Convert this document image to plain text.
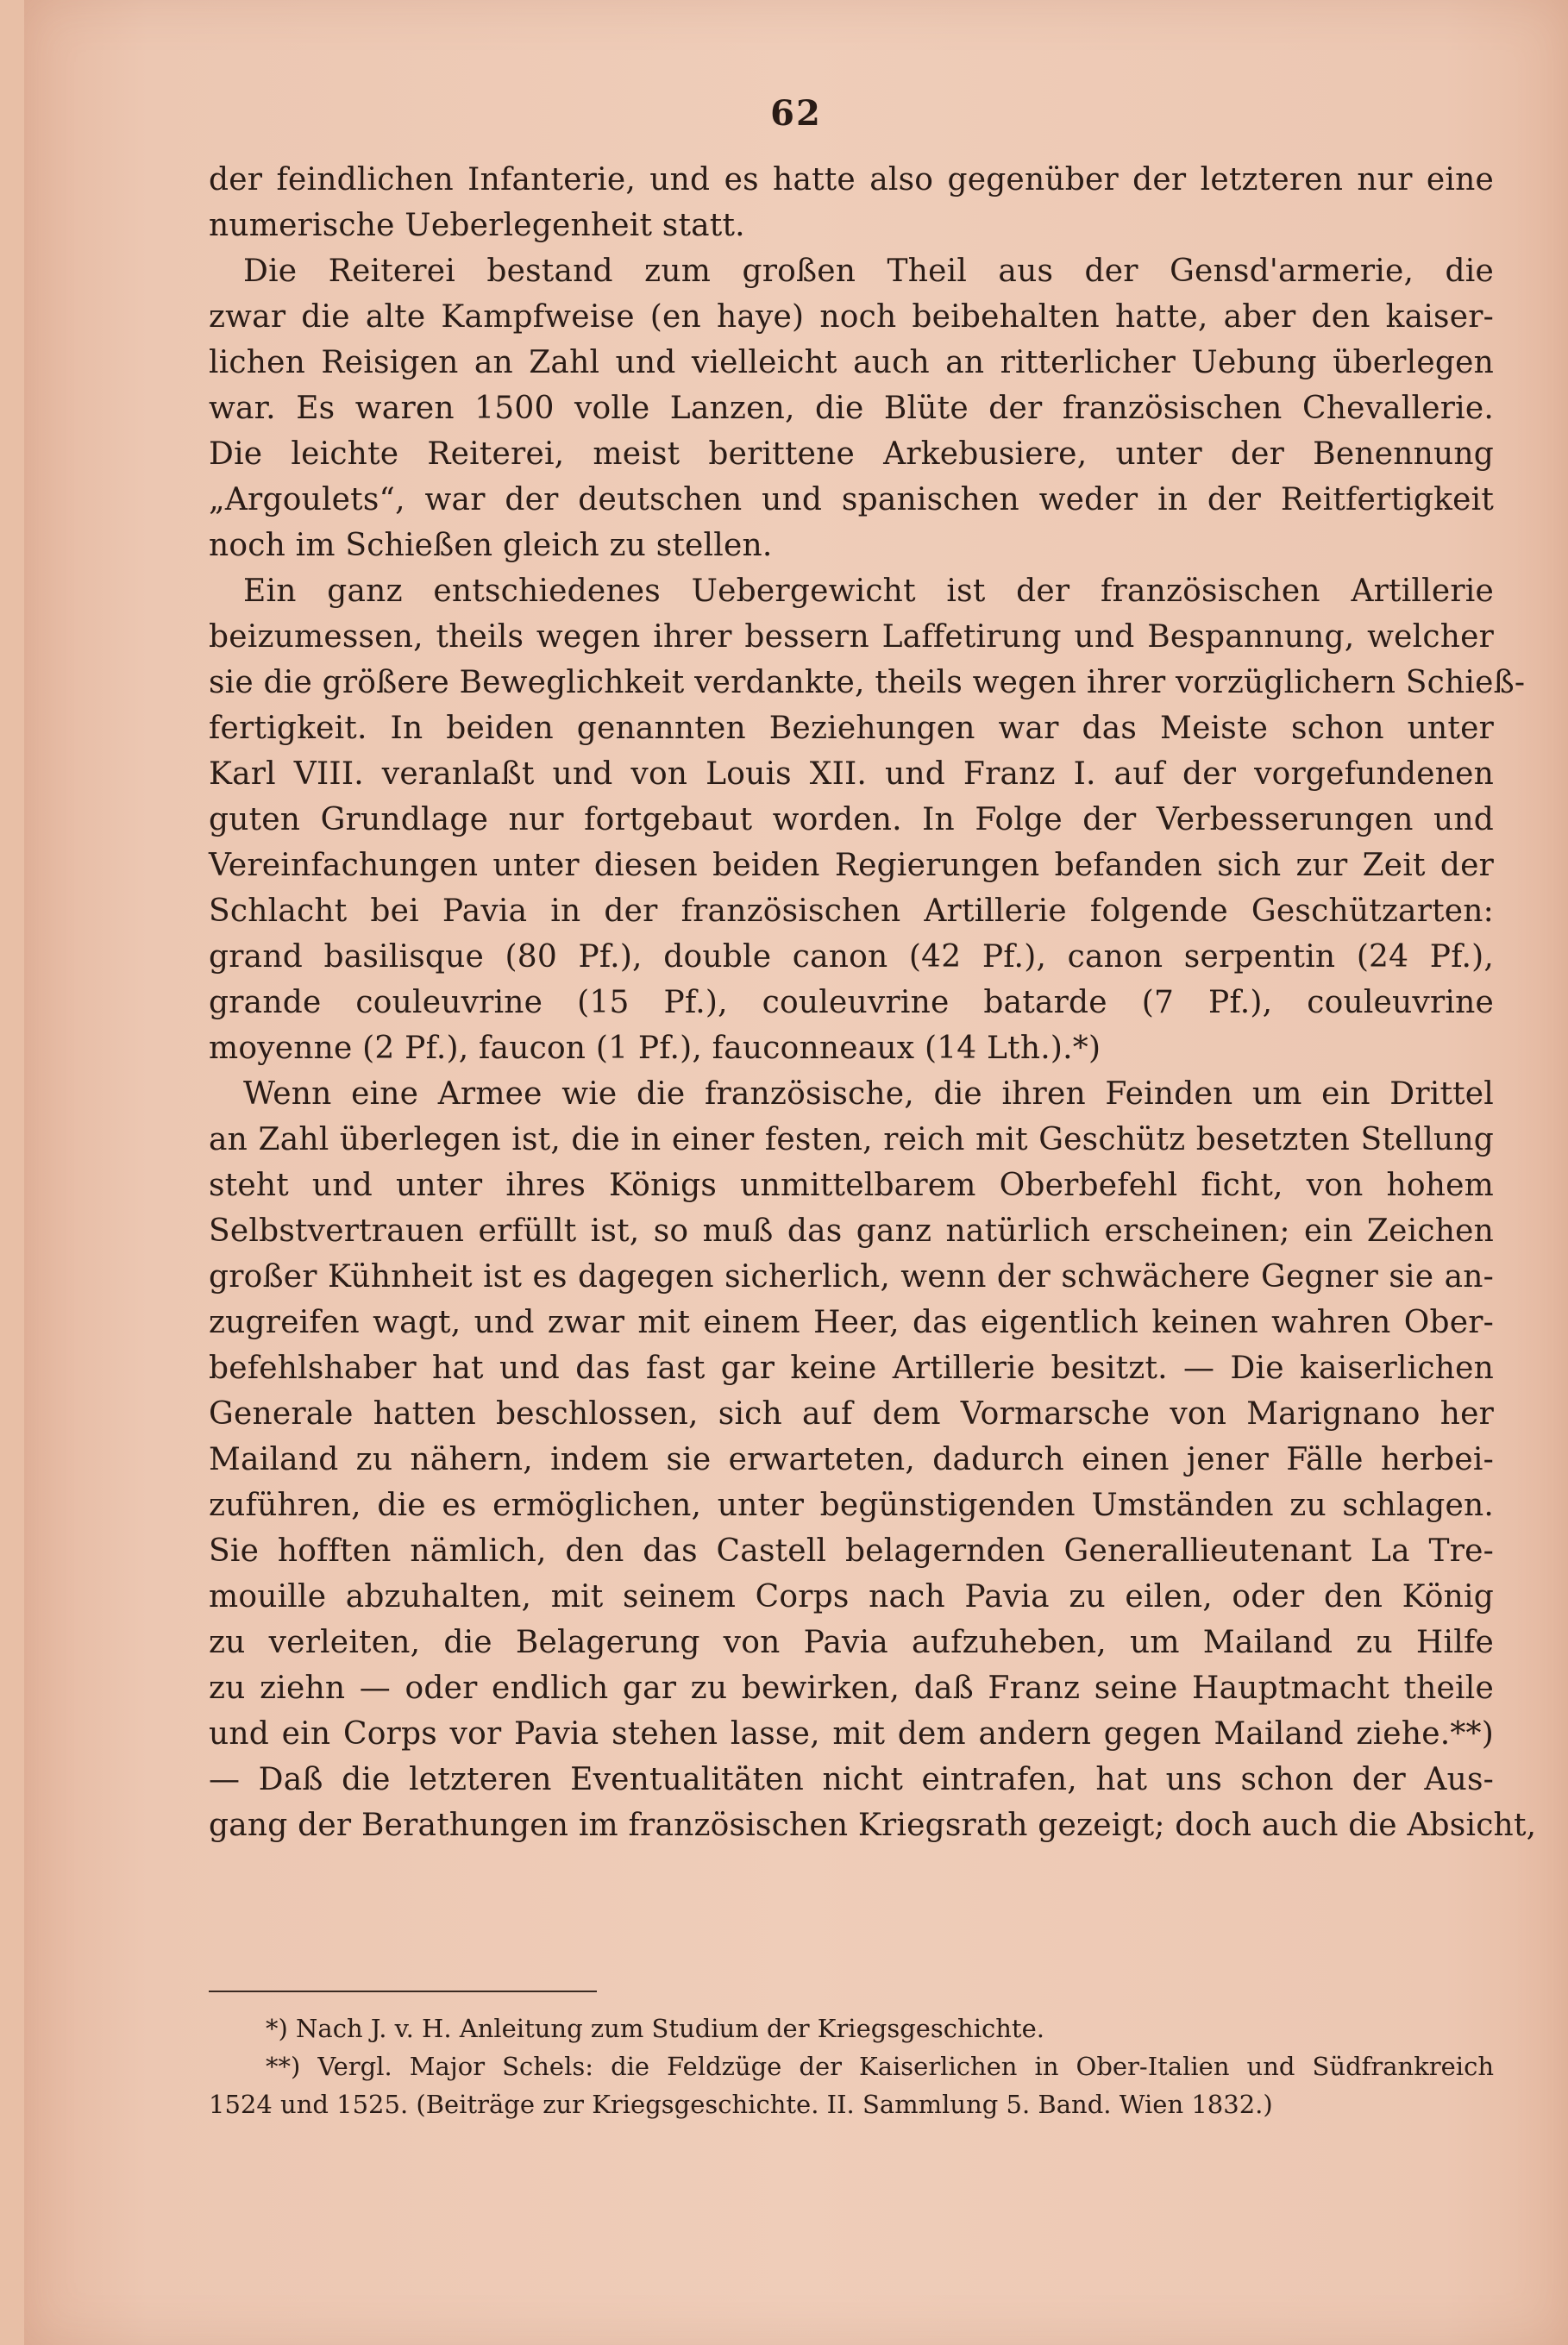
62
der feindlichen Infanterie, und es hatte also gegenüber der letzteren nur eine
numerische Ueberlegenheit statt.
Die Reiterei bestand zum großen Theil aus der Gensd'armerie, die
zwar die alte Kampfweise (en haye) noch beibehalten hatte, aber den kaiser-
lichen Reisigen an Zahl und vielleicht auch an ritterlicher Uebung überlegen
war. Es waren 1500 volle Lanzen, die Blüte der französischen Chevallerie.
Die leichte Reiterei, meist berittene Arkebusiere, unter der Benennung
„Argoulets“, war der deutschen und spanischen weder in der Reitfertigkeit
noch im Schießen gleich zu stellen.
Ein ganz entschiedenes Uebergewicht ist der französischen Artillerie
beizumessen, theils wegen ihrer bessern Laffetirung und Bespannung, welcher
sie die größere Beweglichkeit verdankte, theils wegen ihrer vorzüglichern Schieß-
fertigkeit. In beiden genannten Beziehungen war das Meiste schon unter
Karl VIII. veranlaßt und von Louis XII. und Franz I. auf der vorgefundenen
guten Grundlage nur fortgebaut worden. In Folge der Verbesserungen und
Vereinfachungen unter diesen beiden Regierungen befanden sich zur Zeit der
Schlacht bei Pavia in der französischen Artillerie folgende Geschützarten:
grand basilisque (80 Pf.), double canon (42 Pf.), canon serpentin (24 Pf.),
grande couleuvrine (15 Pf.), couleuvrine batarde (7 Pf.), couleuvrine
moyenne (2 Pf.), faucon (1 Pf.), fauconneaux (14 Lth.).*)
Wenn eine Armee wie die französische, die ihren Feinden um ein Drittel
an Zahl überlegen ist, die in einer festen, reich mit Geschütz besetzten Stellung
steht und unter ihres Königs unmittelbarem Oberbefehl ficht, von hohem
Selbstvertrauen erfüllt ist, so muß das ganz natürlich erscheinen; ein Zeichen
großer Kühnheit ist es dagegen sicherlich, wenn der schwächere Gegner sie an-
zugreifen wagt, und zwar mit einem Heer, das eigentlich keinen wahren Ober-
befehlshaber hat und das fast gar keine Artillerie besitzt. — Die kaiserlichen
Generale hatten beschlossen, sich auf dem Vormarsche von Marignano her
Mailand zu nähern, indem sie erwarteten, dadurch einen jener Fälle herbei-
zuführen, die es ermöglichen, unter begünstigenden Umständen zu schlagen.
Sie hofften nämlich, den das Castell belagernden Generallieutenant La Tre-
mouille abzuhalten, mit seinem Corps nach Pavia zu eilen, oder den König
zu verleiten, die Belagerung von Pavia aufzuheben, um Mailand zu Hilfe
zu ziehn — oder endlich gar zu bewirken, daß Franz seine Hauptmacht theile
und ein Corps vor Pavia stehen lasse, mit dem andern gegen Mailand ziehe.**)
— Daß die letzteren Eventualitäten nicht eintrafen, hat uns schon der Aus-
gang der Berathungen im französischen Kriegsrath gezeigt; doch auch die Absicht,
*) Nach J. v. H. Anleitung zum Studium der Kriegsgeschichte.
**) Vergl. Major Schels: die Feldzüge der Kaiserlichen in Ober-Italien und Südfrankreich
1524 und 1525. (Beiträge zur Kriegsgeschichte. II. Sammlung 5. Band. Wien 1832.)
